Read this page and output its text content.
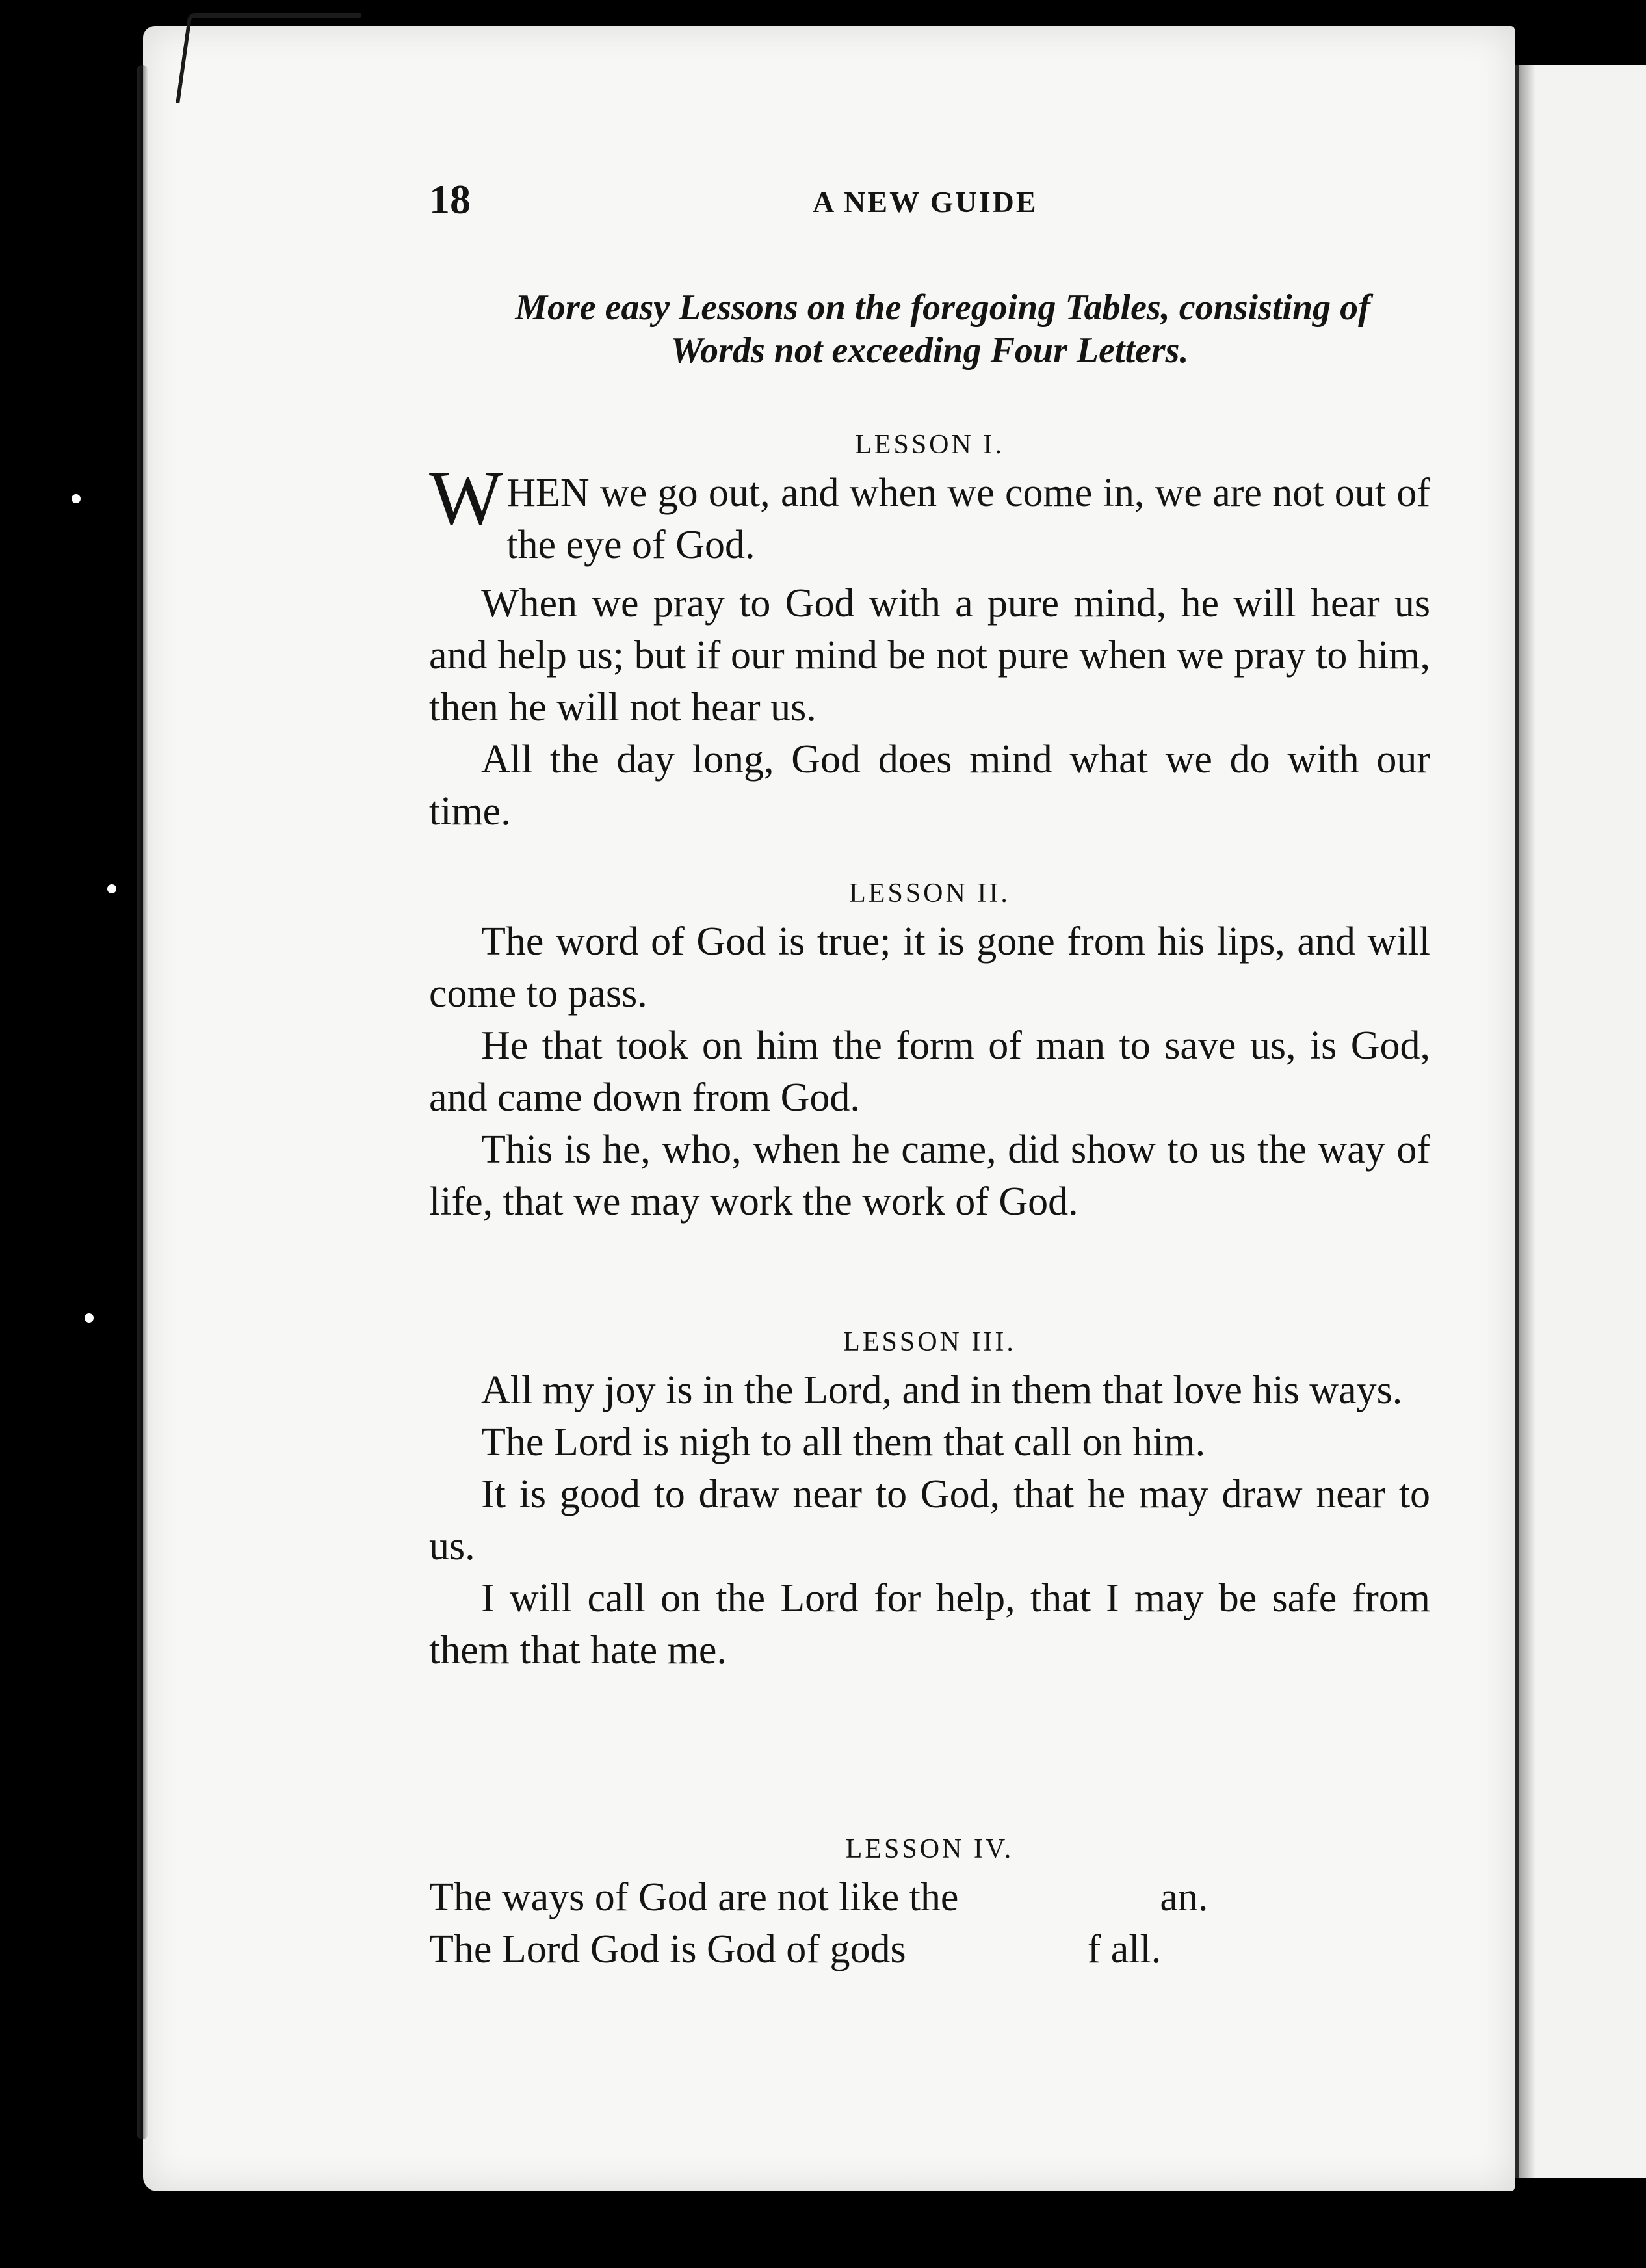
18	A NEW GUIDE
More easy Lessons on the foregoing Tables, consisting of
Words not exceeding Four Letters.
LESSON I.

WHEN we go out, and when we come in, we are not out of the eye of God.

When we pray to God with a pure mind, he will hear us and help us; but if our mind be not pure when we pray to him, then he will not hear us.

All the day long, God does mind what we do with our time.

LESSON II.

The word of God is true; it is gone from his lips, and will come to pass.

He that took on him the form of man to save us, is God, and came down from God.

This is he, who, when he came, did show to us the way of life, that we may work the work of God.

LESSON III.

All my joy is in the Lord, and in them that love his ways.

The Lord is nigh to all them that call on him.

It is good to draw near to God, that he may draw near to us.

I will call on the Lord for help, that I may be safe from them that hate me.

LESSON IV.

The ways of God are not like the                    an.

The Lord God is God of gods                  f all.
